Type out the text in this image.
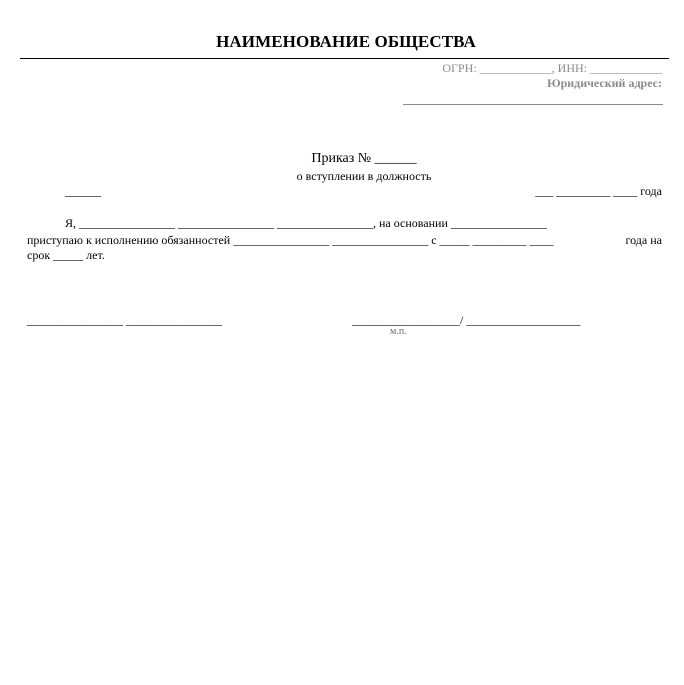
НАИМЕНОВАНИЕ ОБЩЕСТВА
ОГРН: ____________, ИНН: ____________
Юридический адрес:
Приказ № ______
о вступлении в должность
______	___ _________ ____ года
Я, ________________ ________________ ________________, на основании ________________
приступаю к исполнению обязанностей ________________ ________________ с _____ _________ ____	года на
срок _____ лет.
________________ ________________	__________________/ ___________________
м.п.
